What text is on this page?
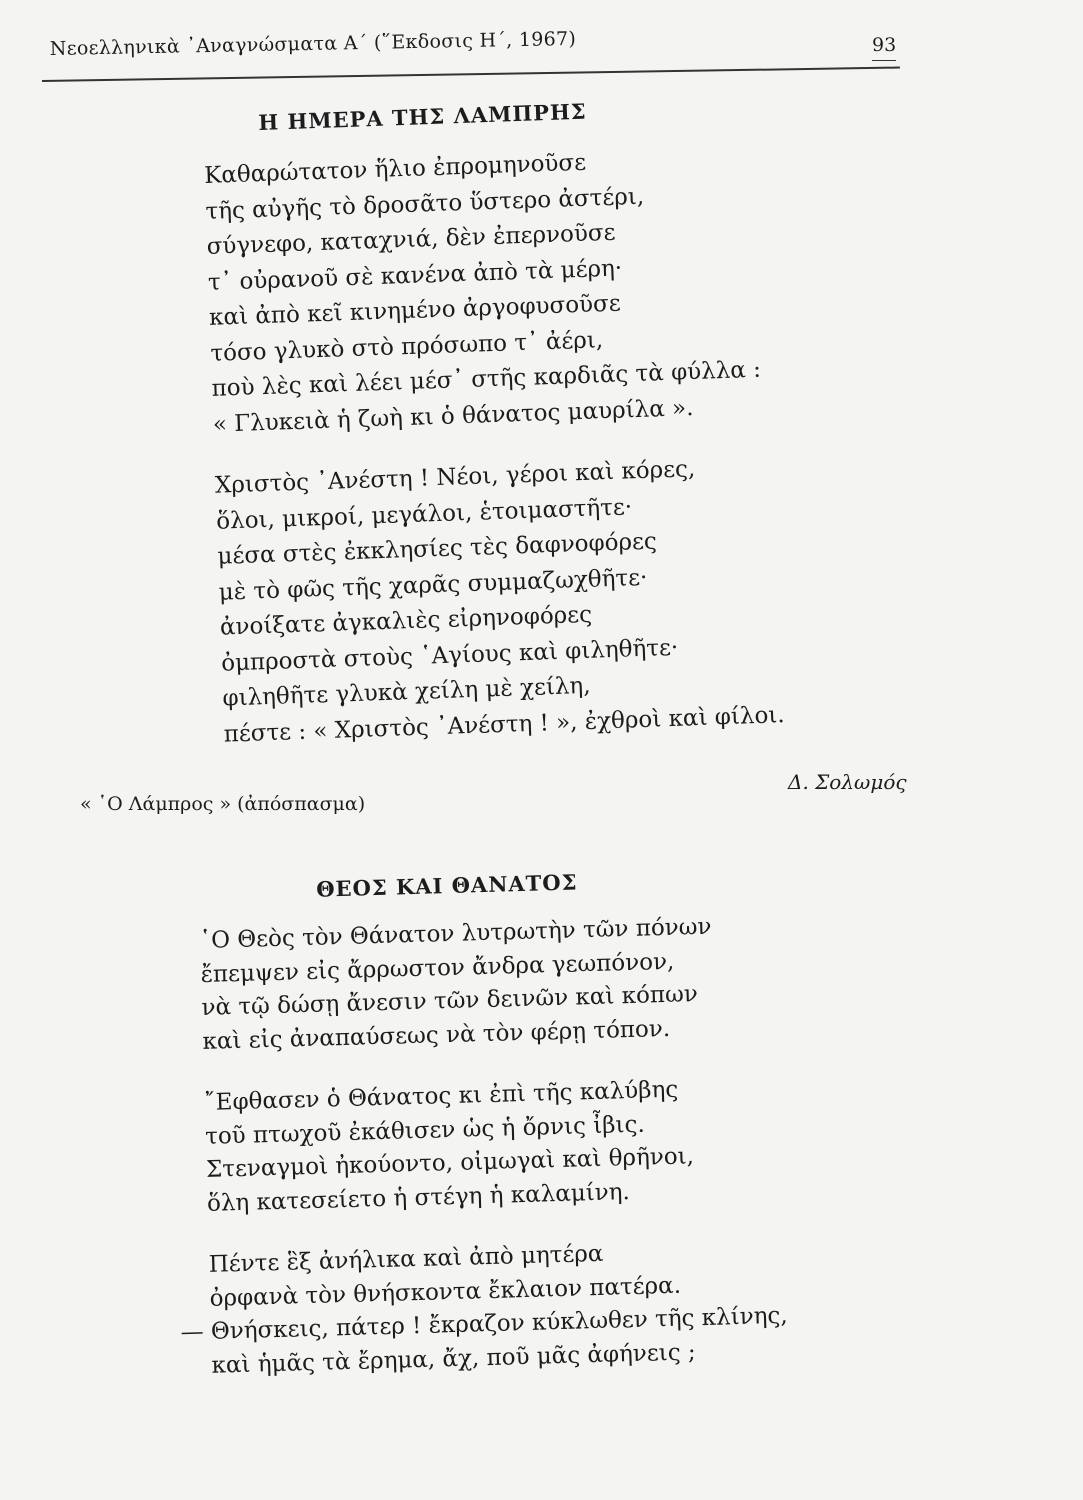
Νεοελληνικὰ ᾿Αναγνώσματα Α΄ (῞Εκδοσις Η΄, 1967)	93
Η ΗΜΕΡΑ ΤΗΣ ΛΑΜΠΡΗΣ
Καθαρώτατον ἥλιο ἐπρομηνοῦσε
τῆς αὐγῆς τὸ δροσᾶτο ὕστερο ἀστέρι,
σύγνεφο, καταχνιά, δὲν ἐπερνοῦσε
τ᾿ οὐρανοῦ σὲ κανένα ἀπὸ τὰ μέρη·
καὶ ἀπὸ κεῖ κινημένο ἀργοφυσοῦσε
τόσο γλυκὸ στὸ πρόσωπο τ᾿ ἀέρι,
ποὺ λὲς καὶ λέει μέσ᾿ στῆς καρδιᾶς τὰ φύλλα :
« Γλυκειὰ ἡ ζωὴ κι ὁ θάνατος μαυρίλα ».
Χριστὸς ᾿Ανέστη ! Νέοι, γέροι καὶ κόρες,
ὅλοι, μικροί, μεγάλοι, ἑτοιμαστῆτε·
μέσα στὲς ἐκκλησίες τὲς δαφνοφόρες
μὲ τὸ φῶς τῆς χαρᾶς συμμαζωχθῆτε·
ἀνοίξατε ἀγκαλιὲς εἰρηνοφόρες
ὀμπροστὰ στοὺς ῾Αγίους καὶ φιληθῆτε·
φιληθῆτε γλυκὰ χείλη μὲ χείλη,
πέστε : « Χριστὸς ᾿Ανέστη ! », ἐχθροὶ καὶ φίλοι.
Δ. Σολωμός
« ῾Ο Λάμπρος » (ἀπόσπασμα)
ΘΕΟΣ ΚΑΙ ΘΑΝΑΤΟΣ
῾Ο Θεὸς τὸν Θάνατον λυτρωτὴν τῶν πόνων
ἔπεμψεν εἰς ἄρρωστον ἄνδρα γεωπόνον,
νὰ τῷ δώσῃ ἄνεσιν τῶν δεινῶν καὶ κόπων
καὶ εἰς ἀναπαύσεως νὰ τὸν φέρῃ τόπον.
῎Εφθασεν ὁ Θάνατος κι ἐπὶ τῆς καλύβης
τοῦ πτωχοῦ ἐκάθισεν ὡς ἡ ὄρνις ἶβις.
Στεναγμοὶ ἠκούοντο, οἰμωγαὶ καὶ θρῆνοι,
ὅλη κατεσείετο ἡ στέγη ἡ καλαμίνη.
Πέντε ἓξ ἀνήλικα καὶ ἀπὸ μητέρα
ὀρφανὰ τὸν θνήσκοντα ἔκλαιον πατέρα.
— Θνήσκεις, πάτερ ! ἔκραζον κύκλωθεν τῆς κλίνης,
καὶ ἡμᾶς τὰ ἔρημα, ἄχ, ποῦ μᾶς ἀφήνεις ;
